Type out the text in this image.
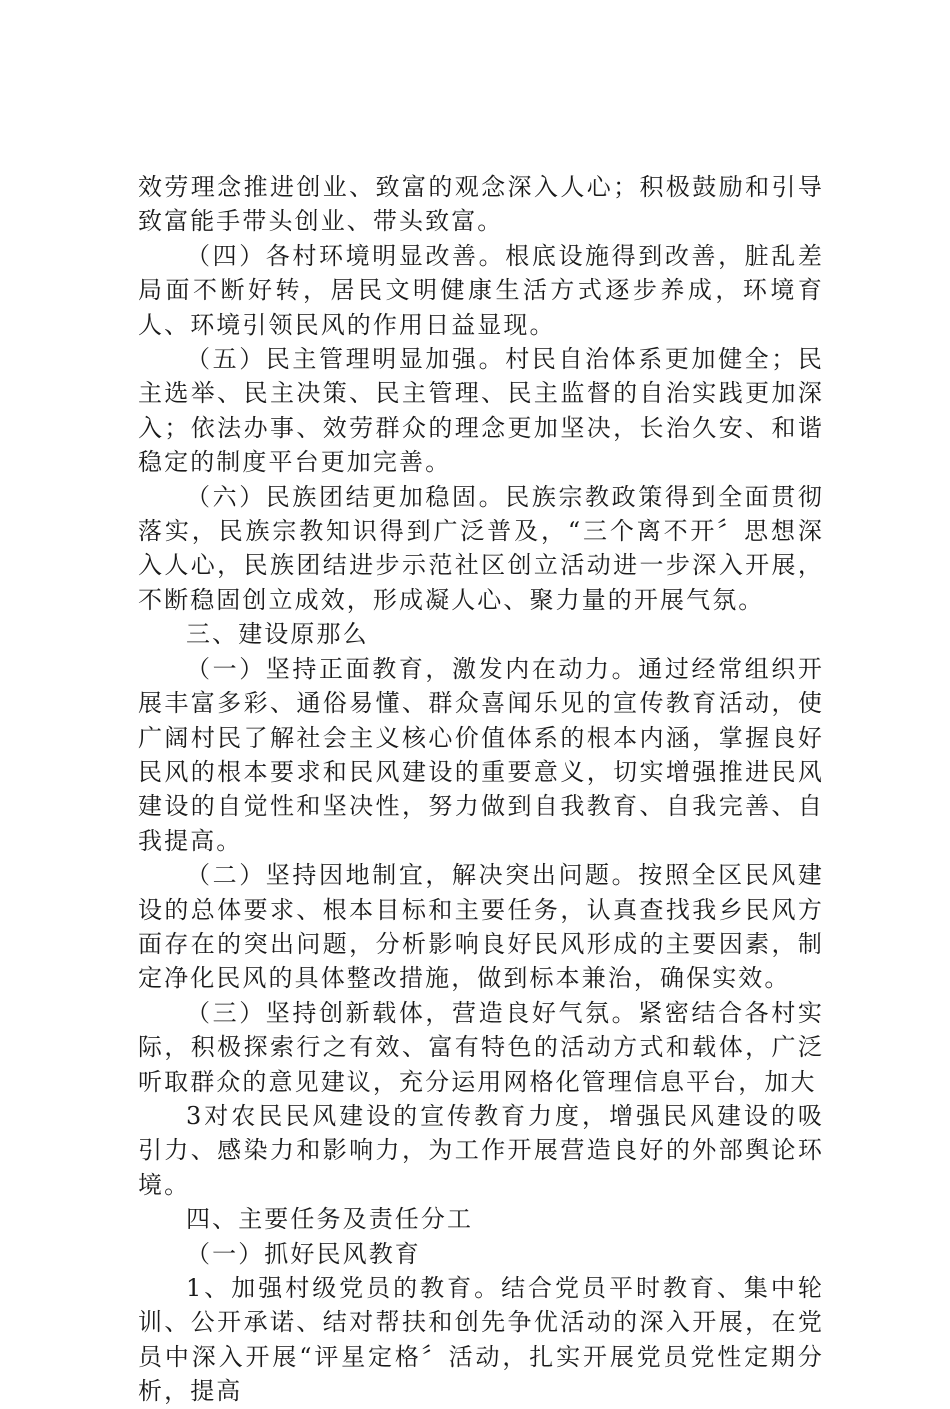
效劳理念推进创业、致富的观念深入人心；积极鼓励和引导致富能手带头创业、带头致富。

（四）各村环境明显改善。根底设施得到改善，脏乱差局面不断好转，居民文明健康生活方式逐步养成，环境育人、环境引领民风的作用日益显现。

（五）民主管理明显加强。村民自治体系更加健全；民主选举、民主决策、民主管理、民主监督的自治实践更加深入；依法办事、效劳群众的理念更加坚决，长治久安、和谐稳定的制度平台更加完善。

（六）民族团结更加稳固。民族宗教政策得到全面贯彻落实，民族宗教知识得到广泛普及，“三个离不开〞思想深入人心，民族团结进步示范社区创立活动进一步深入开展，不断稳固创立成效，形成凝人心、聚力量的开展气氛。

三、建设原那么

（一）坚持正面教育，激发内在动力。通过经常组织开展丰富多彩、通俗易懂、群众喜闻乐见的宣传教育活动，使广阔村民了解社会主义核心价值体系的根本内涵，掌握良好民风的根本要求和民风建设的重要意义，切实增强推进民风建设的自觉性和坚决性，努力做到自我教育、自我完善、自我提高。

（二）坚持因地制宜，解决突出问题。按照全区民风建设的总体要求、根本目标和主要任务，认真查找我乡民风方面存在的突出问题，分析影响良好民风形成的主要因素，制定净化民风的具体整改措施，做到标本兼治，确保实效。

（三）坚持创新载体，营造良好气氛。紧密结合各村实际，积极探索行之有效、富有特色的活动方式和载体，广泛听取群众的意见建议，充分运用网格化管理信息平台，加大

3对农民民风建设的宣传教育力度，增强民风建设的吸引力、感染力和影响力，为工作开展营造良好的外部舆论环境。

四、主要任务及责任分工

（一）抓好民风教育

1、加强村级党员的教育。结合党员平时教育、集中轮训、公开承诺、结对帮扶和创先争优活动的深入开展，在党员中深入开展“评星定格〞活动，扎实开展党员党性定期分析，提高
